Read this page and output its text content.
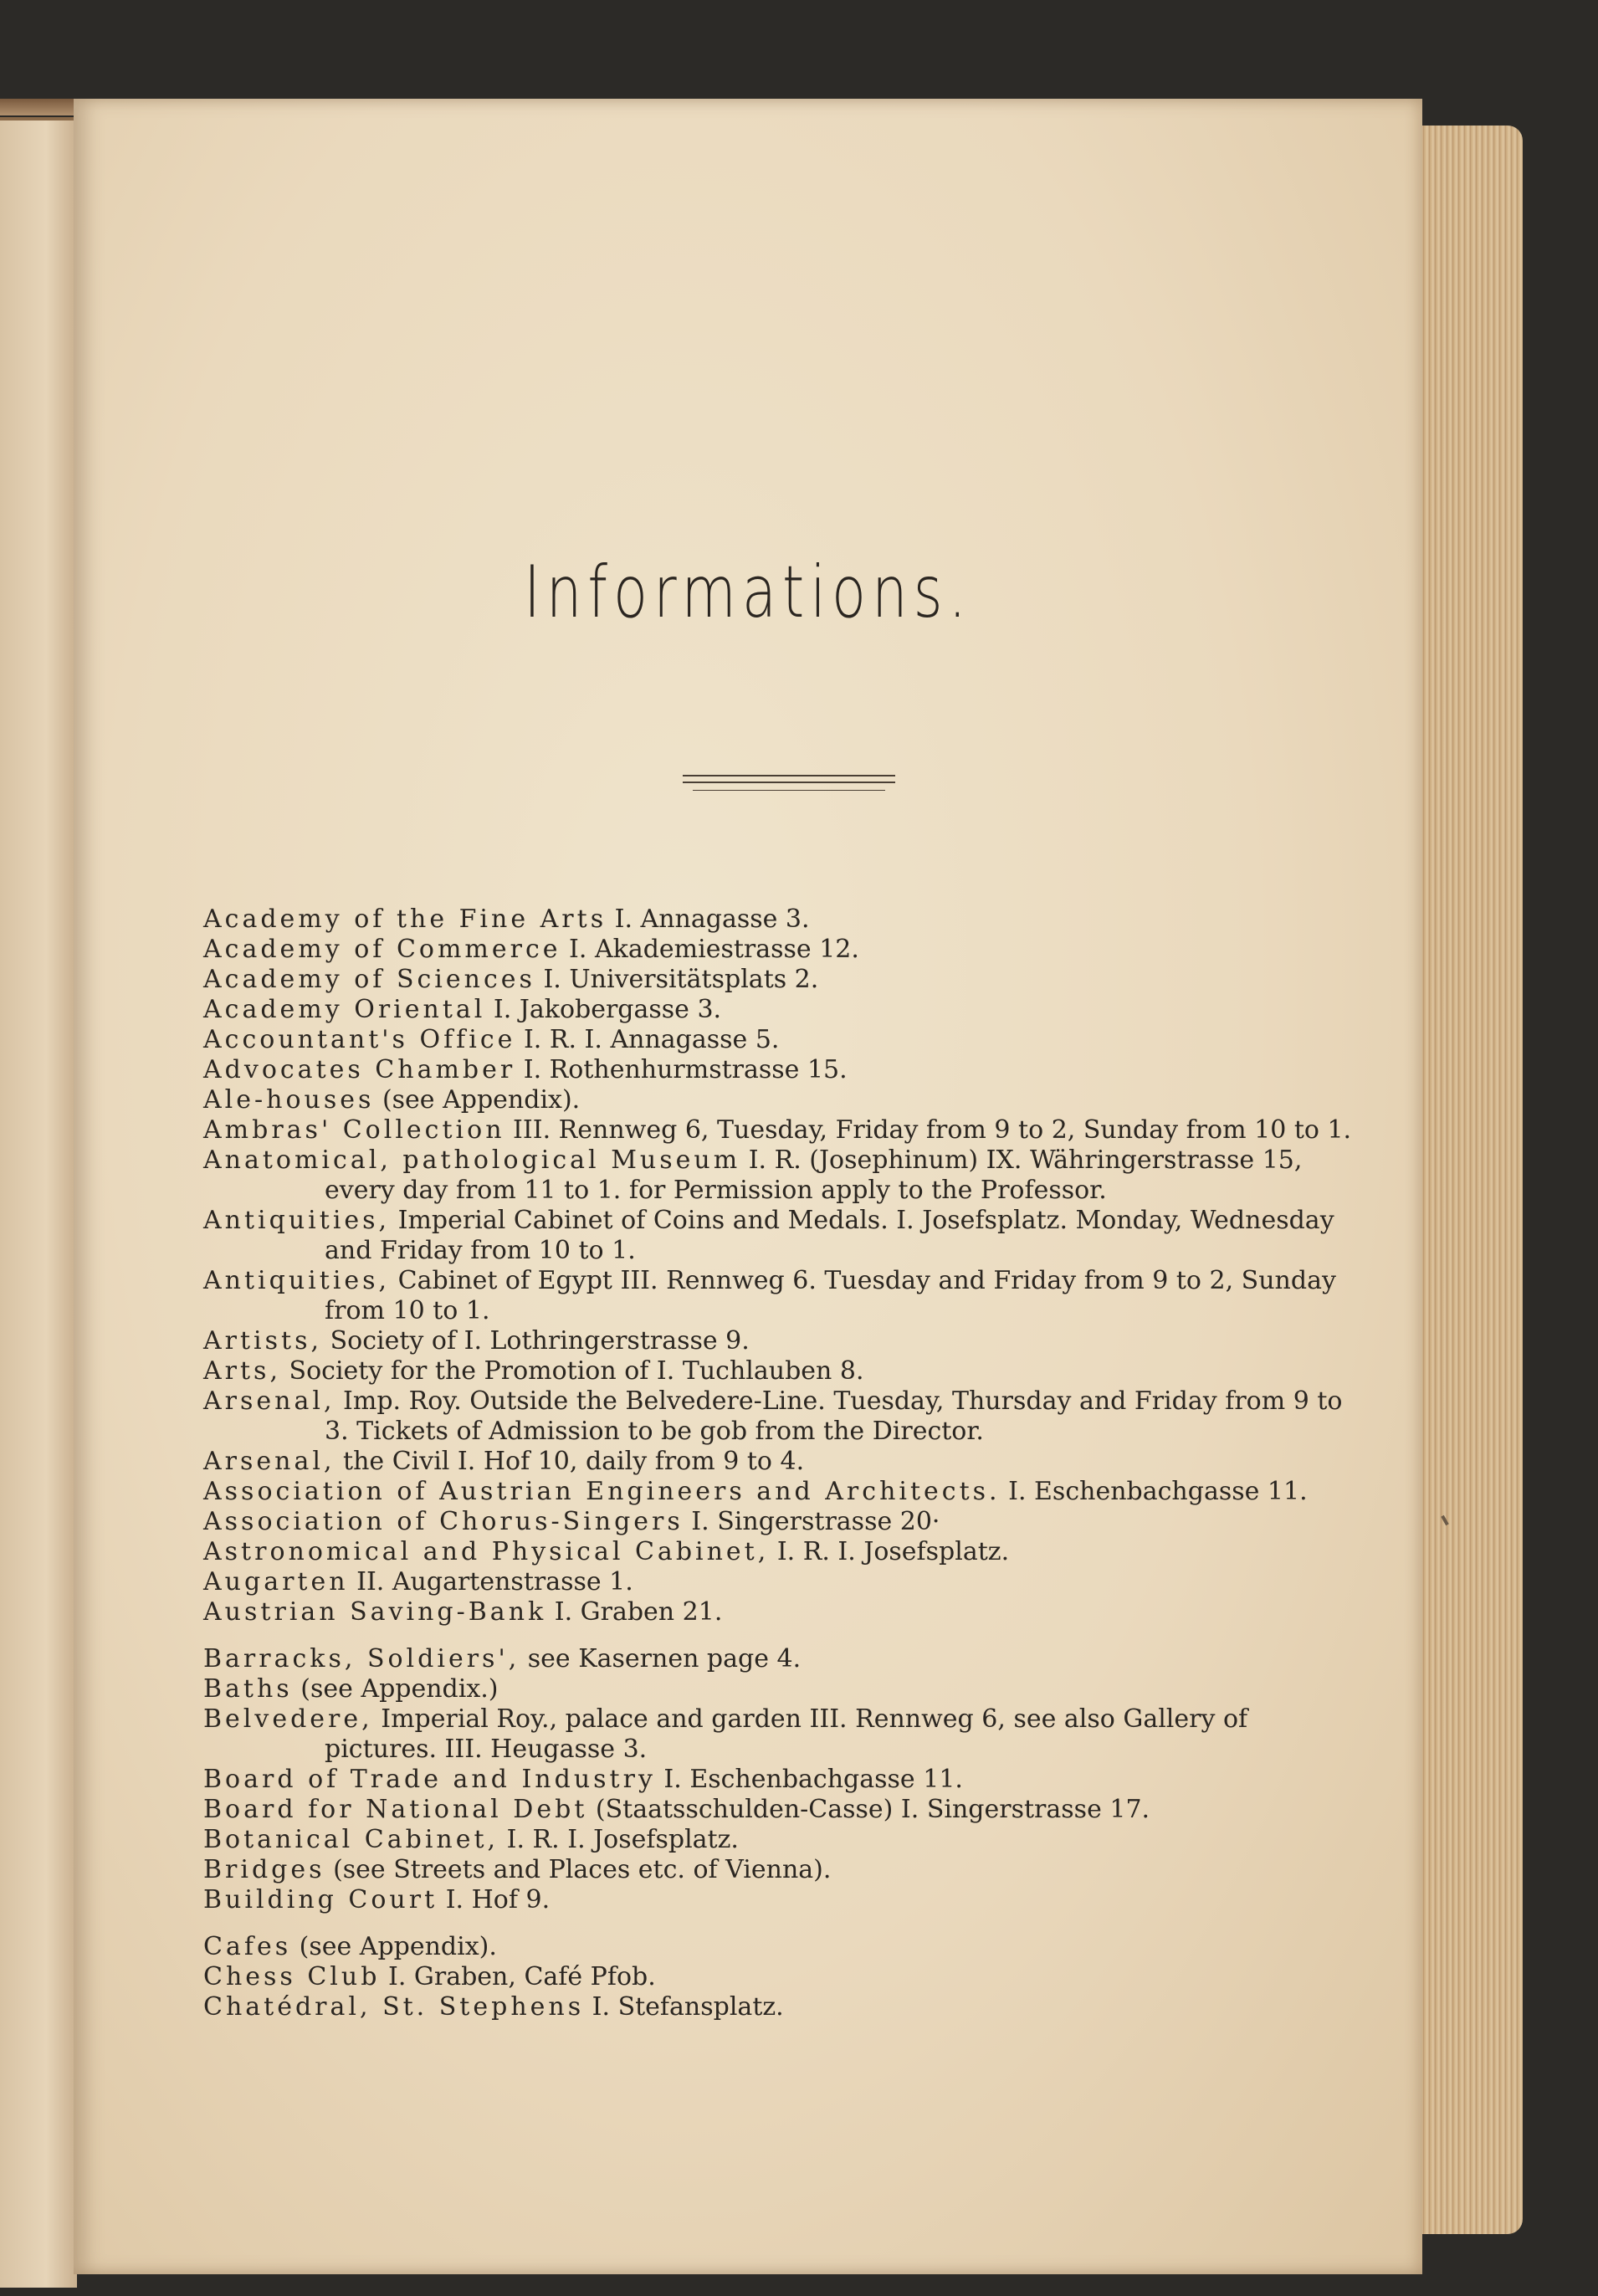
Informations.
Academy of the Fine Arts I. Annagasse 3.
Academy of Commerce I. Akademiestrasse 12.
Academy of Sciences I. Universitätsplats 2.
Academy Oriental I. Jakobergasse 3.
Accountant's Office I. R. I. Annagasse 5.
Advocates Chamber I. Rothenhurmstrasse 15.
Ale-houses (see Appendix).
Ambras' Collection III. Rennweg 6, Tuesday, Friday from 9 to 2, Sunday from 10 to 1.
Anatomical, pathological Museum I. R. (Josephinum) IX. Währingerstrasse 15, every day from 11 to 1. for Permission apply to the Professor.
Antiquities, Imperial Cabinet of Coins and Medals. I. Josefsplatz. Monday, Wednesday and Friday from 10 to 1.
Antiquities, Cabinet of Egypt III. Rennweg 6. Tuesday and Friday from 9 to 2, Sunday from 10 to 1.
Artists, Society of I. Lothringerstrasse 9.
Arts, Society for the Promotion of I. Tuchlauben 8.
Arsenal, Imp. Roy. Outside the Belvedere-Line. Tuesday, Thursday and Friday from 9 to 3. Tickets of Admission to be gob from the Director.
Arsenal, the Civil I. Hof 10, daily from 9 to 4.
Association of Austrian Engineers and Architects. I. Eschenbachgasse 11.
Association of Chorus-Singers I. Singerstrasse 20·
Astronomical and Physical Cabinet, I. R. I. Josefsplatz.
Augarten II. Augartenstrasse 1.
Austrian Saving-Bank I. Graben 21.
Barracks, Soldiers', see Kasernen page 4.
Baths (see Appendix.)
Belvedere, Imperial Roy., palace and garden III. Rennweg 6, see also Gallery of pictures. III. Heugasse 3.
Board of Trade and Industry I. Eschenbachgasse 11.
Board for National Debt (Staatsschulden-Casse) I. Singerstrasse 17.
Botanical Cabinet, I. R. I. Josefsplatz.
Bridges (see Streets and Places etc. of Vienna).
Building Court I. Hof 9.
Cafes (see Appendix).
Chess Club I. Graben, Café Pfob.
Chatédral, St. Stephens I. Stefansplatz.
